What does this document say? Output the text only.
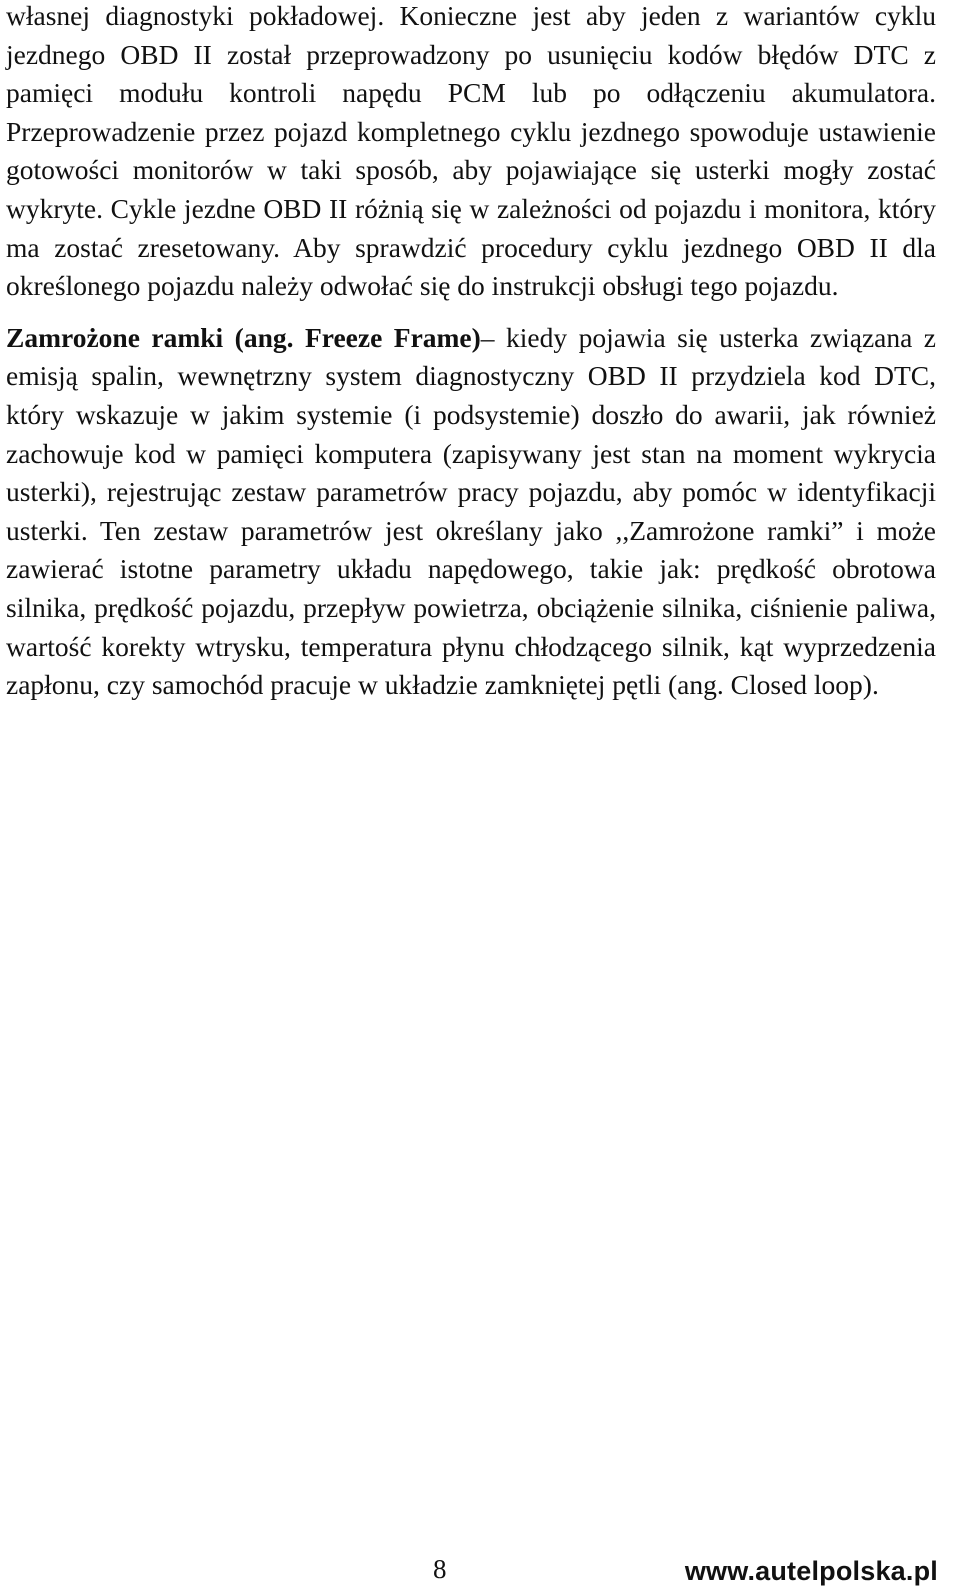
własnej diagnostyki pokładowej. Konieczne jest aby jeden z wariantów cyklu jezdnego OBD II został przeprowadzony po usunięciu kodów błędów DTC z pamięci modułu kontroli napędu PCM lub po odłączeniu akumulatora. Przeprowadzenie przez pojazd kompletnego cyklu jezdnego spowoduje ustawienie gotowości monitorów w taki sposób, aby pojawiające się usterki mogły zostać wykryte. Cykle jezdne OBD II różnią się w zależności od pojazdu i monitora, który ma zostać zresetowany. Aby sprawdzić procedury cyklu jezdnego OBD II dla określonego pojazdu należy odwołać się do instrukcji obsługi tego pojazdu.

Zamrożone ramki (ang. Freeze Frame)– kiedy pojawia się usterka związana z emisją spalin, wewnętrzny system diagnostyczny OBD II przydziela kod DTC, który wskazuje w jakim systemie (i podsystemie) doszło do awarii, jak również zachowuje kod w pamięci komputera (zapisywany jest stan na moment wykrycia usterki), rejestrując zestaw parametrów pracy pojazdu, aby pomóc w identyfikacji usterki. Ten zestaw parametrów jest określany jako ,,Zamrożone ramki” i może zawierać istotne parametry układu napędowego, takie jak: prędkość obrotowa silnika, prędkość pojazdu, przepływ powietrza, obciążenie silnika, ciśnienie paliwa, wartość korekty wtrysku, temperatura płynu chłodzącego silnik, kąt wyprzedzenia zapłonu, czy samochód pracuje w układzie zamkniętej pętli (ang. Closed loop).

8	www.autelpolska.pl
